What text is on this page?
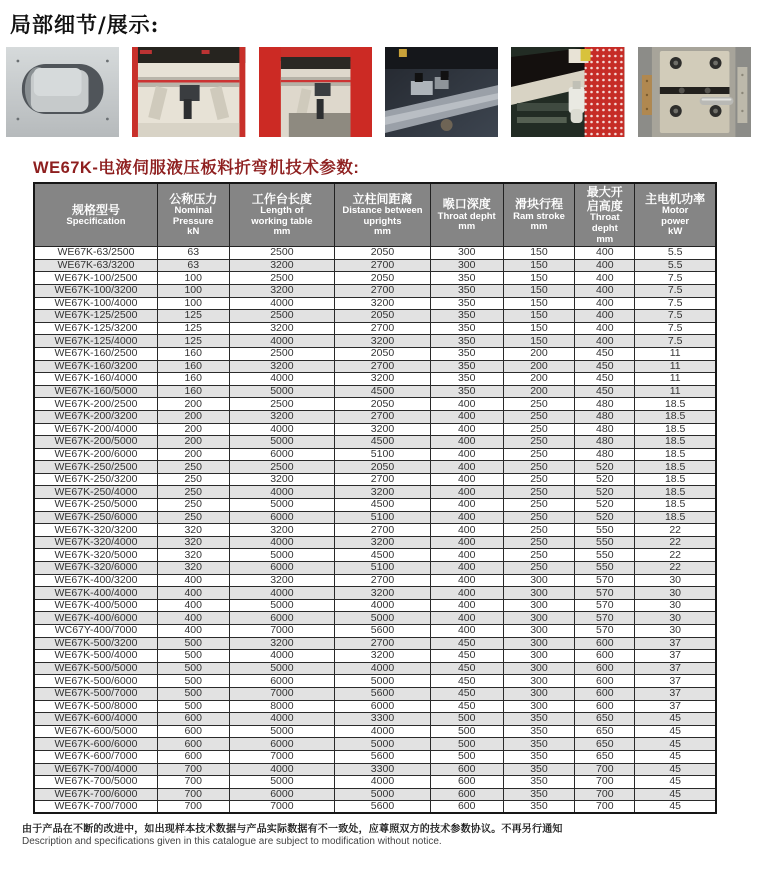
局部细节/展示:
WE67K-电液伺服液压板料折弯机技术参数:
规格型号
Specification

公称压力
Nominal
Pressure
kN

工作台长度
Length of
working table
mm

立柱间距离
Distance between
uprights
mm

喉口深度
Throat depht
mm

滑块行程
Ram stroke
mm

最大开
启高度
Throat
depht
mm

主电机功率
Motor
power
kW

WE67K-63/2500	63	2500	2050	300	150	400	5.5
WE67K-63/3200	63	3200	2700	300	150	400	5.5
WE67K-100/2500	100	2500	2050	350	150	400	7.5
WE67K-100/3200	100	3200	2700	350	150	400	7.5
WE67K-100/4000	100	4000	3200	350	150	400	7.5
WE67K-125/2500	125	2500	2050	350	150	400	7.5
WE67K-125/3200	125	3200	2700	350	150	400	7.5
WE67K-125/4000	125	4000	3200	350	150	400	7.5
WE67K-160/2500	160	2500	2050	350	200	450	11
WE67K-160/3200	160	3200	2700	350	200	450	11
WE67K-160/4000	160	4000	3200	350	200	450	11
WE67K-160/5000	160	5000	4500	350	200	450	11
WE67K-200/2500	200	2500	2050	400	250	480	18.5
WE67K-200/3200	200	3200	2700	400	250	480	18.5
WE67K-200/4000	200	4000	3200	400	250	480	18.5
WE67K-200/5000	200	5000	4500	400	250	480	18.5
WE67K-200/6000	200	6000	5100	400	250	480	18.5
WE67K-250/2500	250	2500	2050	400	250	520	18.5
WE67K-250/3200	250	3200	2700	400	250	520	18.5
WE67K-250/4000	250	4000	3200	400	250	520	18.5
WE67K-250/5000	250	5000	4500	400	250	520	18.5
WE67K-250/6000	250	6000	5100	400	250	520	18.5
WE67K-320/3200	320	3200	2700	400	250	550	22
WE67K-320/4000	320	4000	3200	400	250	550	22
WE67K-320/5000	320	5000	4500	400	250	550	22
WE67K-320/6000	320	6000	5100	400	250	550	22
WE67K-400/3200	400	3200	2700	400	300	570	30
WE67K-400/4000	400	4000	3200	400	300	570	30
WE67K-400/5000	400	5000	4000	400	300	570	30
WE67K-400/6000	400	6000	5000	400	300	570	30
WC67Y-400/7000	400	7000	5600	400	300	570	30
WE67K-500/3200	500	3200	2700	450	300	600	37
WE67K-500/4000	500	4000	3200	450	300	600	37
WE67K-500/5000	500	5000	4000	450	300	600	37
WE67K-500/6000	500	6000	5000	450	300	600	37
WE67K-500/7000	500	7000	5600	450	300	600	37
WE67K-500/8000	500	8000	6000	450	300	600	37
WE67K-600/4000	600	4000	3300	500	350	650	45
WE67K-600/5000	600	5000	4000	500	350	650	45
WE67K-600/6000	600	6000	5000	500	350	650	45
WE67K-600/7000	600	7000	5600	500	350	650	45
WE67K-700/4000	700	4000	3300	600	350	700	45
WE67K-700/5000	700	5000	4000	600	350	700	45
WE67K-700/6000	700	6000	5000	600	350	700	45
WE67K-700/7000	700	7000	5600	600	350	700	45
由于产品在不断的改进中，如出现样本技术数据与产品实际数据有不一致处，应尊照双方的技术参数协议。不再另行通知
Description and specifications given in this catalogue are subject to modification without notice.
